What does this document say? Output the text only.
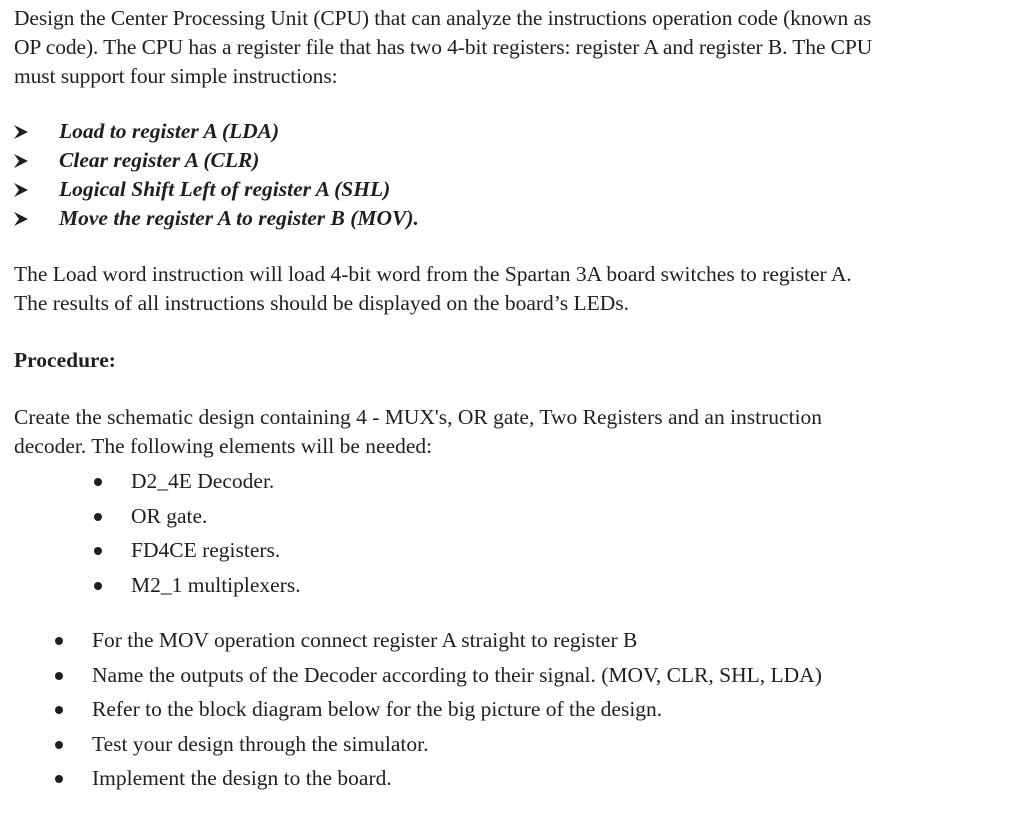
Design the Center Processing Unit (CPU) that can analyze the instructions operation code (known as
OP code). The CPU has a register file that has two 4-bit registers: register A and register B. The CPU
must support four simple instructions:

Load to register A (LDA)
Clear register A (CLR)
Logical Shift Left of register A (SHL)
Move the register A to register B (MOV).

The Load word instruction will load 4-bit word from the Spartan 3A board switches to register A.
The results of all instructions should be displayed on the board’s LEDs.

Procedure:

Create the schematic design containing 4 - MUX's, OR gate, Two Registers and an instruction
decoder. The following elements will be needed:

D2_4E Decoder.
OR gate.
FD4CE registers.
M2_1 multiplexers.
For the MOV operation connect register A straight to register B
Name the outputs of the Decoder according to their signal. (MOV, CLR, SHL, LDA)
Refer to the block diagram below for the big picture of the design.
Test your design through the simulator.
Implement the design to the board.
